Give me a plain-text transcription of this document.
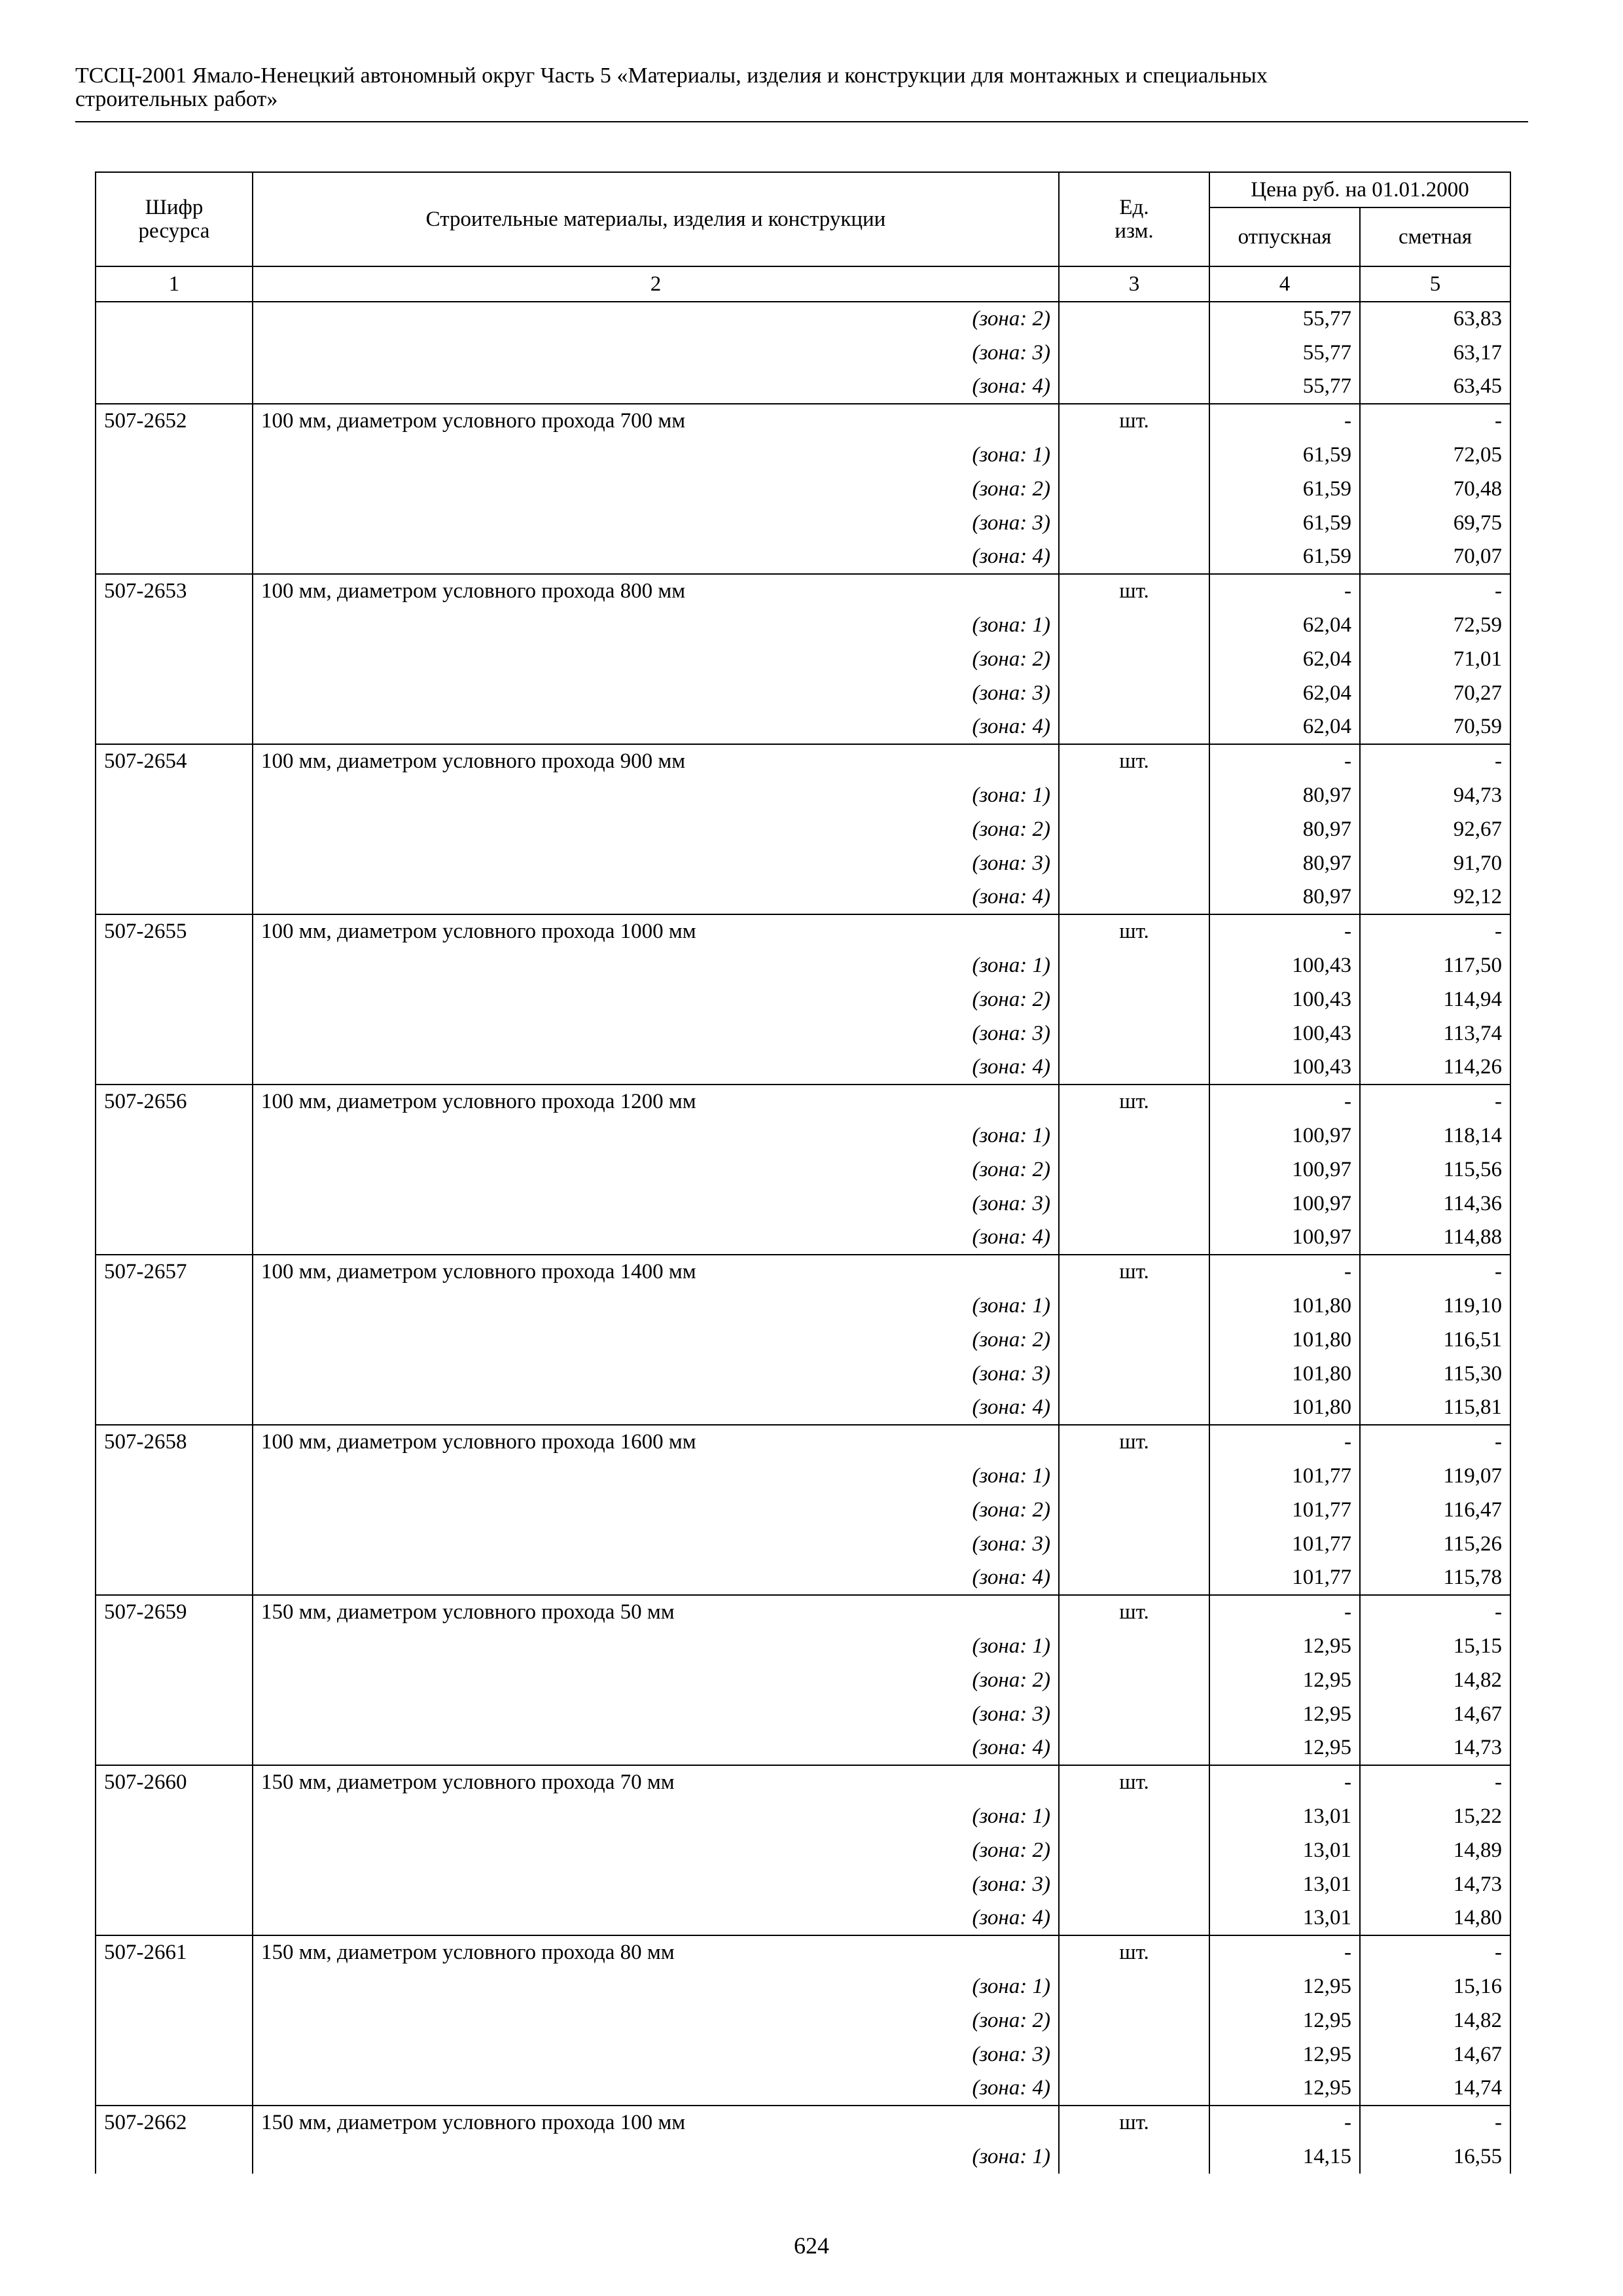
ТССЦ-2001 Ямало-Ненецкий автономный округ Часть 5 «Материалы, изделия и конструкции для монтажных и специальных
строительных работ»
Шифр ресурса	Строительные материалы, изделия и конструкции	Ед. изм.	Цена руб. на 01.01.2000	
			отпускная	сметная
1	2	3	4	5
	(зона: 2)		55,77	63,83
	(зона: 3)		55,77	63,17
	(зона: 4)		55,77	63,45
507-2652	100 мм, диаметром условного прохода 700 мм	шт.	-	-
	(зона: 1)		61,59	72,05
	(зона: 2)		61,59	70,48
	(зона: 3)		61,59	69,75
	(зона: 4)		61,59	70,07
507-2653	100 мм, диаметром условного прохода 800 мм	шт.	-	-
	(зона: 1)		62,04	72,59
	(зона: 2)		62,04	71,01
	(зона: 3)		62,04	70,27
	(зона: 4)		62,04	70,59
507-2654	100 мм, диаметром условного прохода 900 мм	шт.	-	-
	(зона: 1)		80,97	94,73
	(зона: 2)		80,97	92,67
	(зона: 3)		80,97	91,70
	(зона: 4)		80,97	92,12
507-2655	100 мм, диаметром условного прохода 1000 мм	шт.	-	-
	(зона: 1)		100,43	117,50
	(зона: 2)		100,43	114,94
	(зона: 3)		100,43	113,74
	(зона: 4)		100,43	114,26
507-2656	100 мм, диаметром условного прохода 1200 мм	шт.	-	-
	(зона: 1)		100,97	118,14
	(зона: 2)		100,97	115,56
	(зона: 3)		100,97	114,36
	(зона: 4)		100,97	114,88
507-2657	100 мм, диаметром условного прохода 1400 мм	шт.	-	-
	(зона: 1)		101,80	119,10
	(зона: 2)		101,80	116,51
	(зона: 3)		101,80	115,30
	(зона: 4)		101,80	115,81
507-2658	100 мм, диаметром условного прохода 1600 мм	шт.	-	-
	(зона: 1)		101,77	119,07
	(зона: 2)		101,77	116,47
	(зона: 3)		101,77	115,26
	(зона: 4)		101,77	115,78
507-2659	150 мм, диаметром условного прохода 50 мм	шт.	-	-
	(зона: 1)		12,95	15,15
	(зона: 2)		12,95	14,82
	(зона: 3)		12,95	14,67
	(зона: 4)		12,95	14,73
507-2660	150 мм, диаметром условного прохода 70 мм	шт.	-	-
	(зона: 1)		13,01	15,22
	(зона: 2)		13,01	14,89
	(зона: 3)		13,01	14,73
	(зона: 4)		13,01	14,80
507-2661	150 мм, диаметром условного прохода 80 мм	шт.	-	-
	(зона: 1)		12,95	15,16
	(зона: 2)		12,95	14,82
	(зона: 3)		12,95	14,67
	(зона: 4)		12,95	14,74
507-2662	150 мм, диаметром условного прохода 100 мм	шт.	-	-
	(зона: 1)		14,15	16,55
624
